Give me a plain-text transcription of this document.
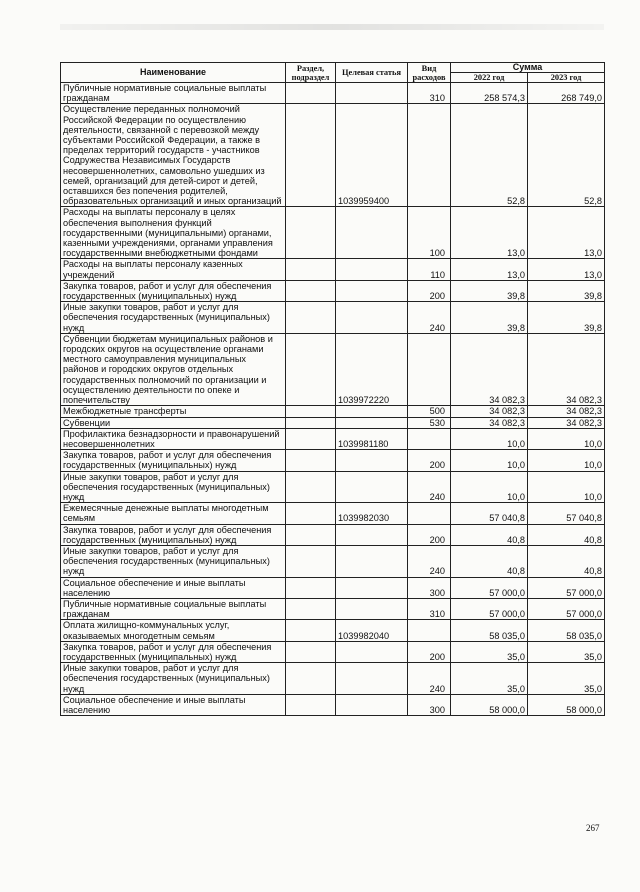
Наименование	Раздел, подраздел	Целевая статья	Вид расходов	Сумма	
				2022 год	2023 год
Публичные нормативные социальные выплаты гражданам			310	258 574,3	268 749,0
Осуществление переданных полномочий Российской Федерации по осуществлению деятельности, связанной с перевозкой между субъектами Российской Федерации, а также в пределах территорий государств - участников Содружества Независимых Государств несовершеннолетних, самовольно ушедших из семей, организаций для детей-сирот и детей, оставшихся без попечения родителей, образовательных организаций и иных организаций		1039959400		52,8	52,8
Расходы на выплаты персоналу в целях обеспечения выполнения функций государственными (муниципальными) органами, казенными учреждениями, органами управления государственными внебюджетными фондами			100	13,0	13,0
Расходы на выплаты персоналу казенных учреждений			110	13,0	13,0
Закупка товаров, работ и услуг для обеспечения государственных (муниципальных) нужд			200	39,8	39,8
Иные закупки товаров, работ и услуг для обеспечения государственных (муниципальных) нужд			240	39,8	39,8
Субвенции бюджетам муниципальных районов и городских округов на осуществление органами местного самоуправления муниципальных районов и городских округов отдельных государственных полномочий по организации и осуществлению деятельности по опеке и попечительству		1039972220		34 082,3	34 082,3
Межбюджетные трансферты			500	34 082,3	34 082,3
Субвенции			530	34 082,3	34 082,3
Профилактика безнадзорности и правонарушений несовершеннолетних		1039981180		10,0	10,0
Закупка товаров, работ и услуг для обеспечения государственных (муниципальных) нужд			200	10,0	10,0
Иные закупки товаров, работ и услуг для обеспечения государственных (муниципальных) нужд			240	10,0	10,0
Ежемесячные денежные выплаты многодетным семьям		1039982030		57 040,8	57 040,8
Закупка товаров, работ и услуг для обеспечения государственных (муниципальных) нужд			200	40,8	40,8
Иные закупки товаров, работ и услуг для обеспечения государственных (муниципальных) нужд			240	40,8	40,8
Социальное обеспечение и иные выплаты населению			300	57 000,0	57 000,0
Публичные нормативные социальные выплаты гражданам			310	57 000,0	57 000,0
Оплата жилищно-коммунальных услуг, оказываемых многодетным семьям		1039982040		58 035,0	58 035,0
Закупка товаров, работ и услуг для обеспечения государственных (муниципальных) нужд			200	35,0	35,0
Иные закупки товаров, работ и услуг для обеспечения государственных (муниципальных) нужд			240	35,0	35,0
Социальное обеспечение и иные выплаты населению			300	58 000,0	58 000,0
267
